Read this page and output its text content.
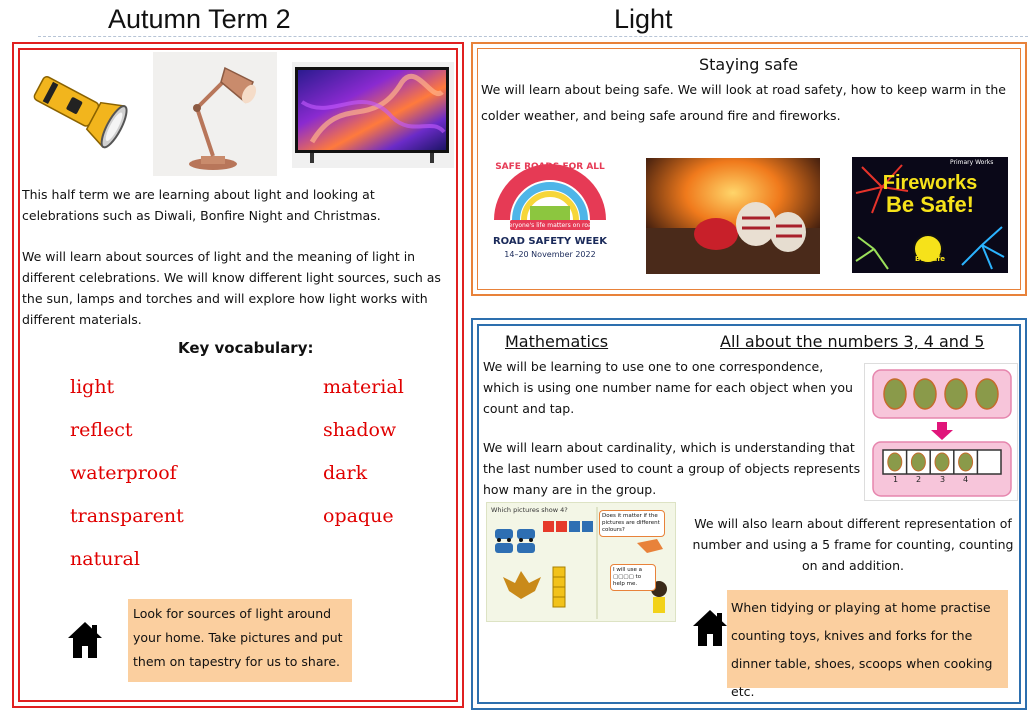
Autumn Term 2	Light
This half term we are learning about light and looking at celebrations such as Diwali, Bonfire Night and Christmas.
We will learn about sources of light and the meaning of light in different celebrations. We will know different light sources, such as the sun, lamps and torches and will explore how light works with different materials.
Key vocabulary:
light
reflect
waterproof
transparent
natural
material
shadow
dark
opaque
Look for sources of light around your home. Take pictures and put them on tapestry for us to share.
Staying safe
We will learn about being safe. We will look at road safety, how to keep warm in the colder weather, and being safe around fire and fireworks.
SAFE ROADS FOR ALL
Everyone's life matters on roads
ROAD SAFETY WEEK
14–20 November 2022
Primary Works
Fireworks
Be Safe!
Be Safe
Mathematics	All about the numbers 3, 4 and 5
We will be learning to use one to one correspondence, which is using one number name for each object when you count and tap.
We will learn about cardinality, which is understanding that the last number used to count a group of objects represents how many are in the group.
1 2 3 4
Which pictures show 4?
Does it matter if the pictures are different colours?
I will use a ▢▢▢▢ to help me.
We will also learn about different representation of number and using a 5 frame for counting, counting on and addition.
When tidying or playing at home practise counting toys, knives and forks for the dinner table, shoes, scoops when cooking etc.
